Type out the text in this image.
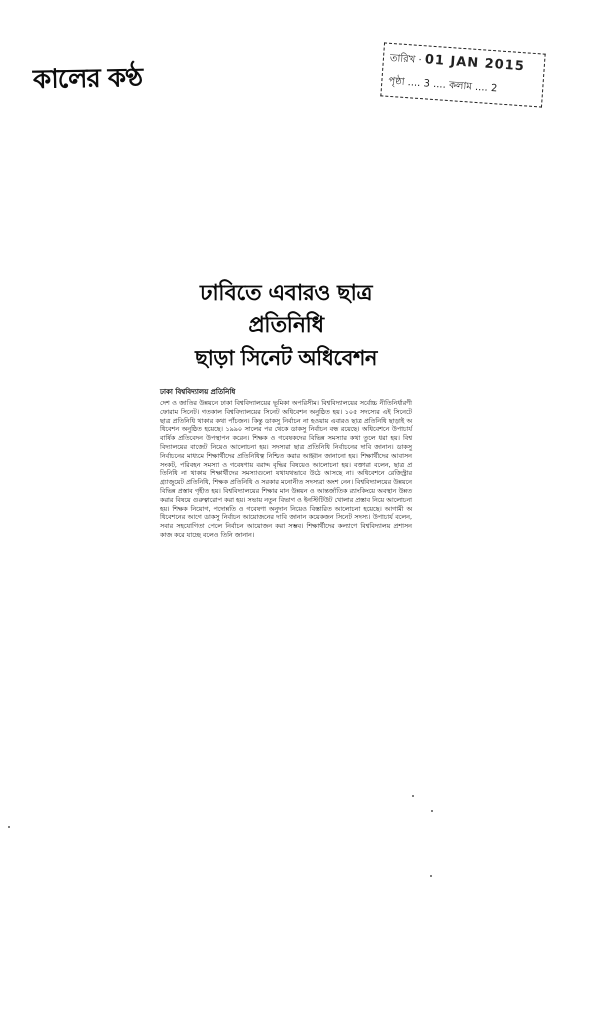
কালের কণ্ঠ
তারিখ · 01 JAN 2015
পৃষ্ঠা .... 3 .... কলাম .... 2
ঢাবিতে এবারও ছাত্র প্রতিনিধি
ছাড়া সিনেট অধিবেশন
ঢাকা বিশ্ববিদ্যালয় প্রতিনিধি

দেশ ও জাতির উন্নয়নে ঢাকা বিশ্ববিদ্যালয়ের ভূমিকা অপরিসীম। বিশ্ববিদ্যালয়ের সর্বোচ্চ নীতিনির্ধারণী ফোরাম সিনেট। গতকাল বিশ্ববিদ্যালয়ের সিনেট অধিবেশন অনুষ্ঠিত হয়। ১০৫ সদস্যের এই সিনেটে ছাত্র প্রতিনিধি থাকার কথা পাঁচজন। কিন্তু ডাকসু নির্বাচন না হওয়ায় এবারও ছাত্র প্রতিনিধি ছাড়াই অধিবেশন অনুষ্ঠিত হয়েছে। ১৯৯০ সালের পর থেকে ডাকসু নির্বাচন বন্ধ রয়েছে। অধিবেশনে উপাচার্য বার্ষিক প্রতিবেদন উপস্থাপন করেন। শিক্ষক ও গবেষকদের বিভিন্ন সমস্যার কথা তুলে ধরা হয়। বিশ্ববিদ্যালয়ের বাজেট নিয়েও আলোচনা হয়। সদস্যরা ছাত্র প্রতিনিধি নির্বাচনের দাবি জানান। ডাকসু নির্বাচনের মাধ্যমে শিক্ষার্থীদের প্রতিনিধিত্ব নিশ্চিত করার আহ্বান জানানো হয়। শিক্ষার্থীদের আবাসন সংকট, পরিবহন সমস্যা ও গবেষণায় বরাদ্দ বৃদ্ধির বিষয়েও আলোচনা হয়। বক্তারা বলেন, ছাত্র প্রতিনিধি না থাকায় শিক্ষার্থীদের সমস্যাগুলো যথাযথভাবে উঠে আসছে না। অধিবেশনে রেজিস্ট্রার গ্র্যাজুয়েট প্রতিনিধি, শিক্ষক প্রতিনিধি ও সরকার মনোনীত সদস্যরা অংশ নেন। বিশ্ববিদ্যালয়ের উন্নয়নে বিভিন্ন প্রস্তাব গৃহীত হয়। বিশ্ববিদ্যালয়ের শিক্ষার মান উন্নয়ন ও আন্তর্জাতিক র‍্যাংকিংয়ে অবস্থান উন্নত করার বিষয়ে গুরুত্বারোপ করা হয়। সভায় নতুন বিভাগ ও ইনস্টিটিউট খোলার প্রস্তাব নিয়ে আলোচনা হয়। শিক্ষক নিয়োগ, পদোন্নতি ও গবেষণা অনুদান নিয়েও বিস্তারিত আলোচনা হয়েছে। আগামী অধিবেশনের আগে ডাকসু নির্বাচন আয়োজনের দাবি জানান কয়েকজন সিনেট সদস্য। উপাচার্য বলেন, সবার সহযোগিতা পেলে নির্বাচন আয়োজন করা সম্ভব। শিক্ষার্থীদের কল্যাণে বিশ্ববিদ্যালয় প্রশাসন কাজ করে যাচ্ছে বলেও তিনি জানান।
